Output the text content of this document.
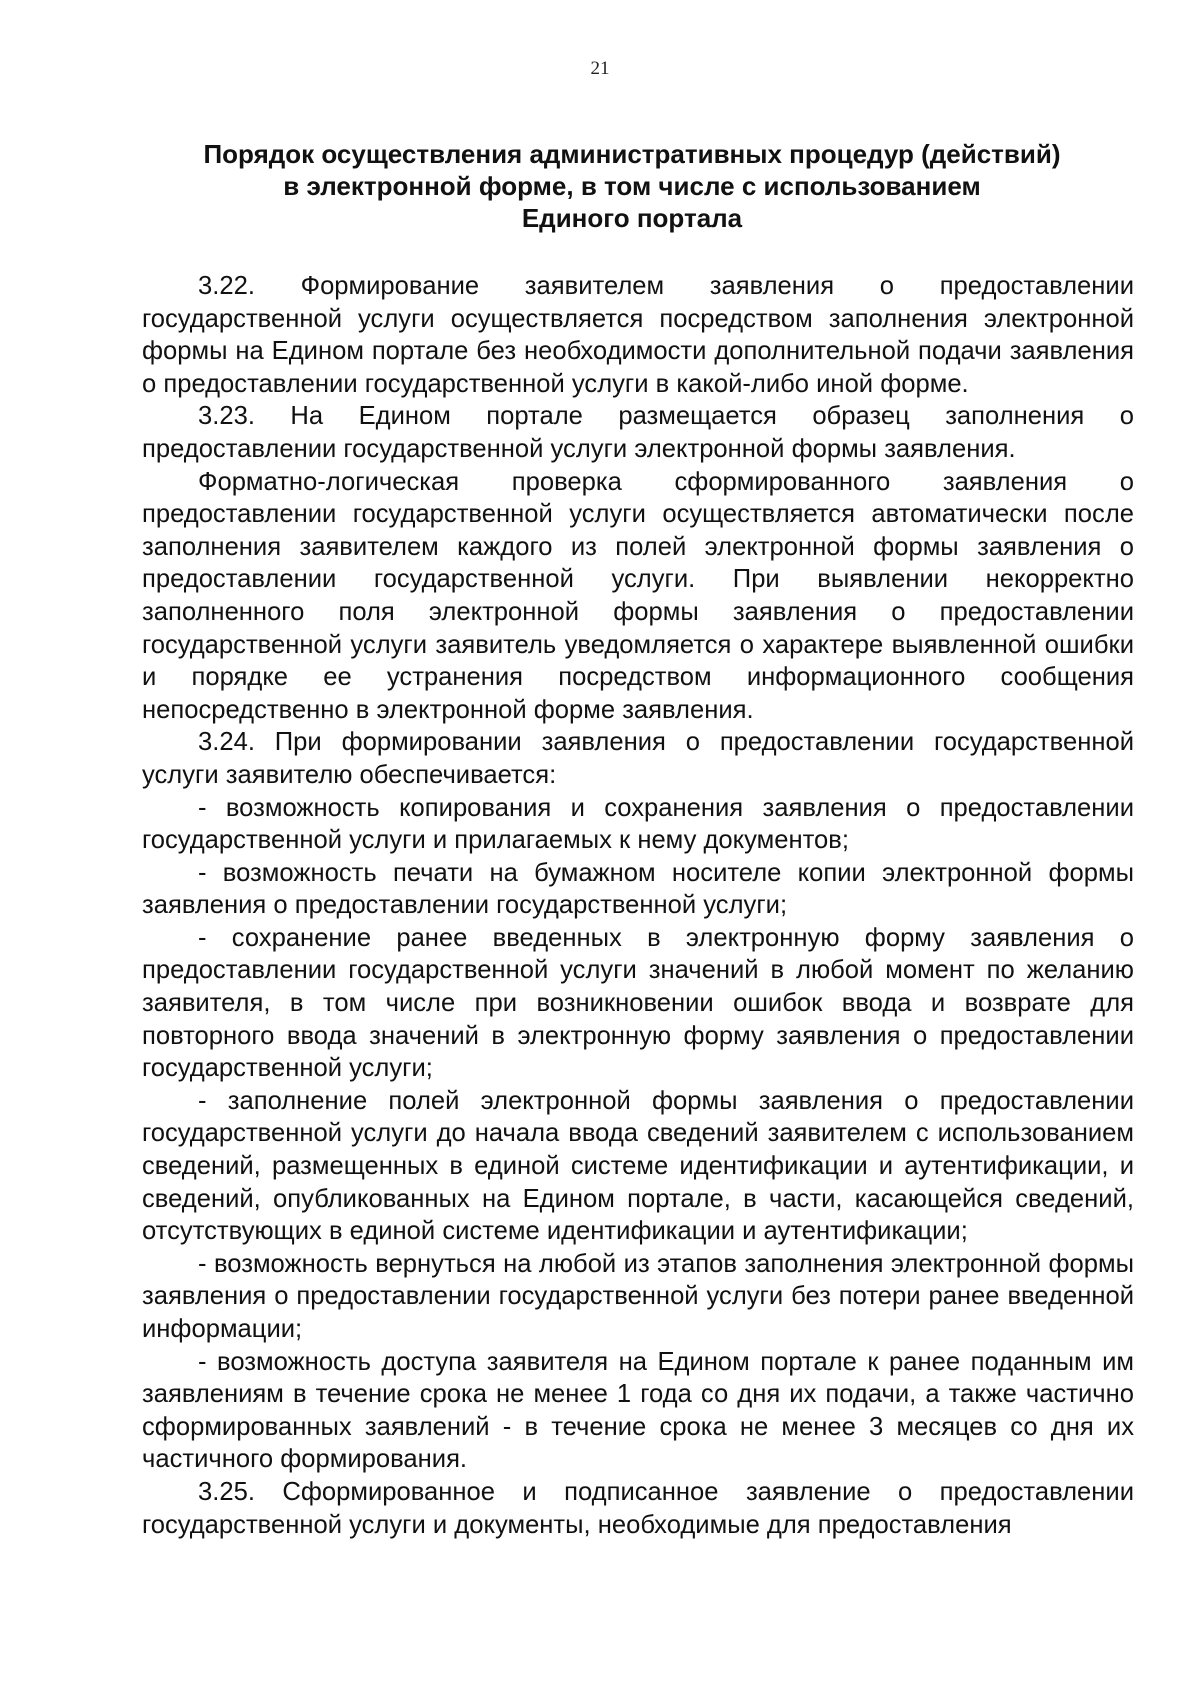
21
Порядок осуществления административных процедур (действий)
в электронной форме, в том числе с использованием
Единого портала

3.22. Формирование заявителем заявления о предоставлении государственной услуги осуществляется посредством заполнения электронной формы на Едином портале без необходимости дополнительной подачи заявления о предоставлении государственной услуги в какой-либо иной форме.

3.23. На Едином портале размещается образец заполнения о предоставлении государственной услуги электронной формы заявления.

Форматно-логическая проверка сформированного заявления о предоставлении государственной услуги осуществляется автоматически после заполнения заявителем каждого из полей электронной формы заявления о предоставлении государственной услуги. При выявлении некорректно заполненного поля электронной формы заявления о предоставлении государственной услуги заявитель уведомляется о характере выявленной ошибки и порядке ее устранения посредством информационного сообщения непосредственно в электронной форме заявления.

3.24. При формировании заявления о предоставлении государственной услуги заявителю обеспечивается:

- возможность копирования и сохранения заявления о предоставлении государственной услуги и прилагаемых к нему документов;

- возможность печати на бумажном носителе копии электронной формы заявления о предоставлении государственной услуги;

- сохранение ранее введенных в электронную форму заявления о предоставлении государственной услуги значений в любой момент по желанию заявителя, в том числе при возникновении ошибок ввода и возврате для повторного ввода значений в электронную форму заявления о предоставлении государственной услуги;

- заполнение полей электронной формы заявления о предоставлении государственной услуги до начала ввода сведений заявителем с использованием сведений, размещенных в единой системе идентификации и аутентификации, и сведений, опубликованных на Едином портале, в части, касающейся сведений, отсутствующих в единой системе идентификации и аутентификации;

- возможность вернуться на любой из этапов заполнения электронной формы заявления о предоставлении государственной услуги без потери ранее введенной информации;

- возможность доступа заявителя на Едином портале к ранее поданным им заявлениям в течение срока не менее 1 года со дня их подачи, а также частично сформированных заявлений - в течение срока не менее 3 месяцев со дня их частичного формирования.

3.25. Сформированное и подписанное заявление о предоставлении государственной услуги и документы, необходимые для предоставления
